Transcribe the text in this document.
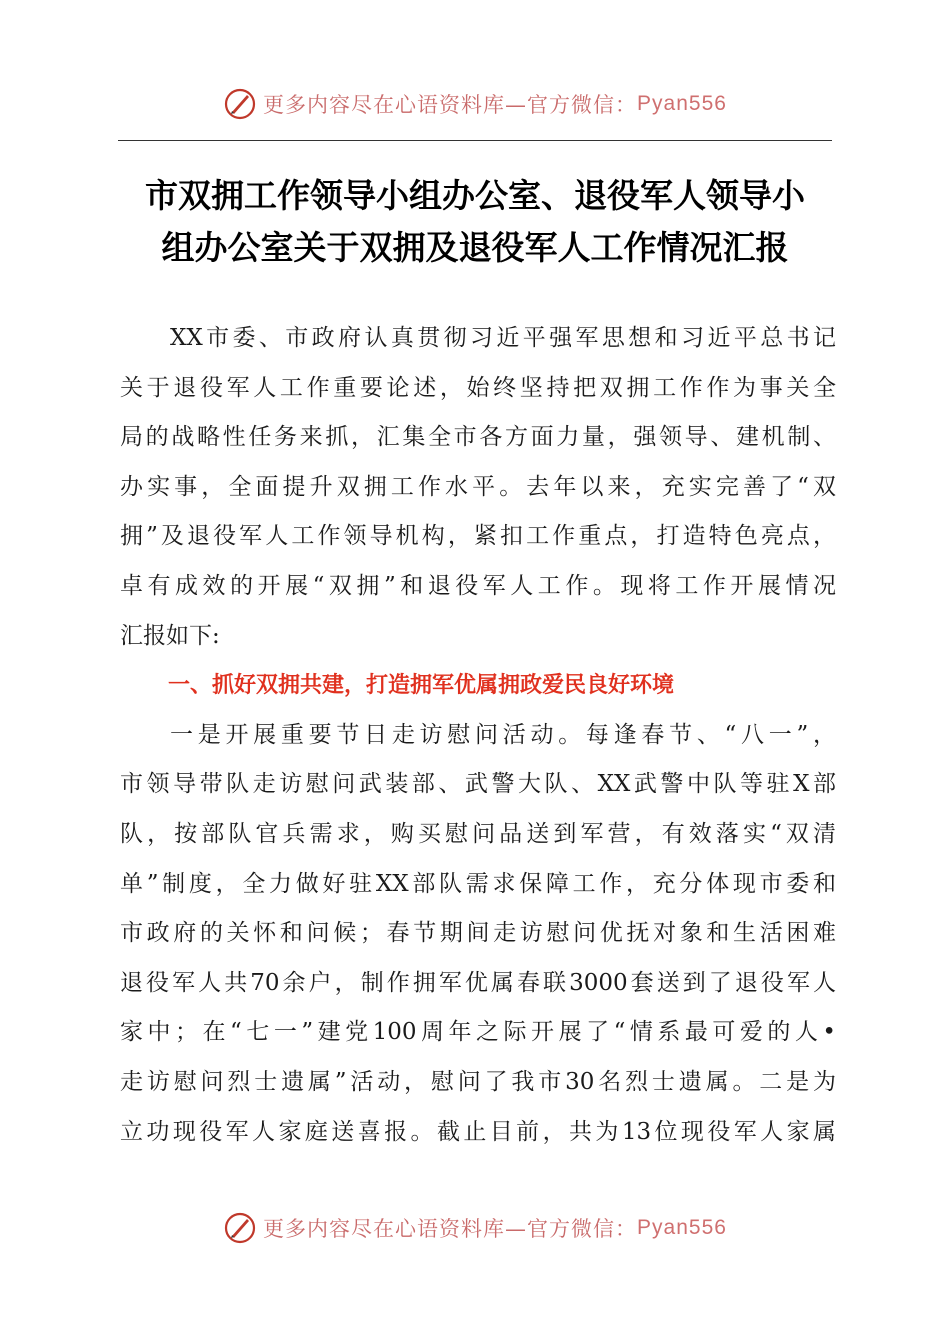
更多内容尽在心语资料库—官方微信： Pyan556
市双拥工作领导小组办公室、退役军人领导小
组办公室关于双拥及退役军人工作情况汇报
XX市委、市政府认真贯彻习近平强军思想和习近平总书记
关于退役军人工作重要论述，始终坚持把双拥工作作为事关全
局的战略性任务来抓，汇集全市各方面力量，强领导、建机制、
办实事，全面提升双拥工作水平。去年以来，充实完善了“双
拥”及退役军人工作领导机构，紧扣工作重点，打造特色亮点，
卓有成效的开展“双拥”和退役军人工作。现将工作开展情况
汇报如下:
一、抓好双拥共建，打造拥军优属拥政爱民良好环境
一是开展重要节日走访慰问活动。每逢春节、“八一”，
市领导带队走访慰问武装部、武警大队、XX武警中队等驻X部
队，按部队官兵需求，购买慰问品送到军营，有效落实“双清
单”制度，全力做好驻XX部队需求保障工作，充分体现市委和
市政府的关怀和问候；春节期间走访慰问优抚对象和生活困难
退役军人共70余户，制作拥军优属春联3000套送到了退役军人
家中；在“七一”建党100周年之际开展了“情系最可爱的人•
走访慰问烈士遗属”活动，慰问了我市30名烈士遗属。二是为
立功现役军人家庭送喜报。截止目前，共为13位现役军人家属
更多内容尽在心语资料库—官方微信： Pyan556
